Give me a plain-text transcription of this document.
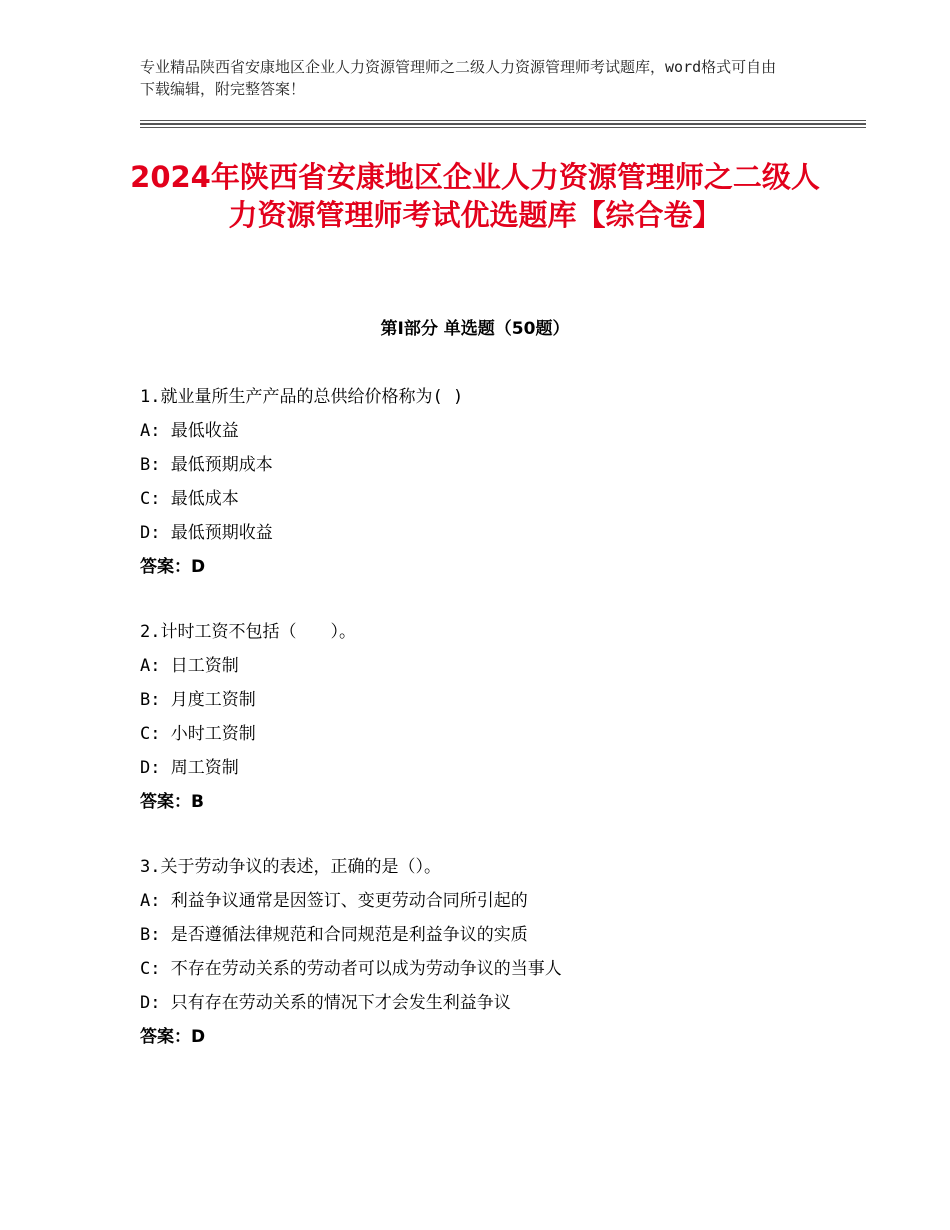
专业精品陕西省安康地区企业人力资源管理师之二级人力资源管理师考试题库，word格式可自由下载编辑，附完整答案！
2024年陕西省安康地区企业人力资源管理师之二级人力资源管理师考试优选题库【综合卷】
第Ⅰ部分 单选题（50题）
1.就业量所生产产品的总供给价格称为( )
A: 最低收益
B: 最低预期成本
C: 最低成本
D: 最低预期收益
答案：D
2.计时工资不包括（　　）。
A: 日工资制
B: 月度工资制
C: 小时工资制
D: 周工资制
答案：B
3.关于劳动争议的表述，正确的是（）。
A: 利益争议通常是因签订、变更劳动合同所引起的
B: 是否遵循法律规范和合同规范是利益争议的实质
C: 不存在劳动关系的劳动者可以成为劳动争议的当事人
D: 只有存在劳动关系的情况下才会发生利益争议
答案：D
